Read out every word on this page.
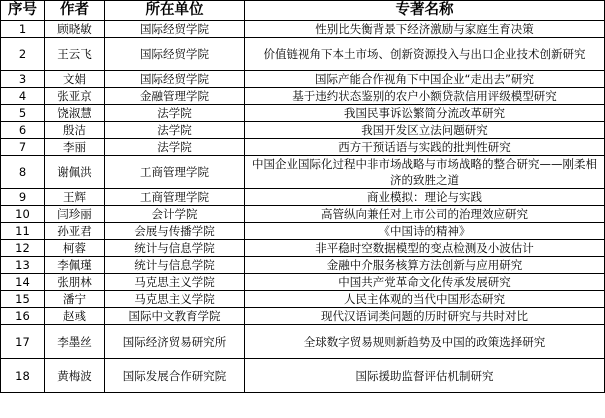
序号	作者	所在单位	专著名称
1	顾晓敏	国际经贸学院	性别比失衡背景下经济激励与家庭生育决策
2	王云飞	国际经贸学院	价值链视角下本土市场、创新资源投入与出口企业技术创新研究
3	文娟	国际经贸学院	国际产能合作视角下中国企业“走出去”研究
4	张亚京	金融管理学院	基于违约状态鉴别的农户小额贷款信用评级模型研究
5	饶淑慧	法学院	我国民事诉讼繁简分流改革研究
6	殷洁	法学院	我国开发区立法问题研究
7	李丽	法学院	西方干预话语与实践的批判性研究
8	谢佩洪	工商管理学院	中国企业国际化过程中非市场战略与市场战略的整合研究——刚柔相济的致胜之道
9	王辉	工商管理学院	商业模拟：理论与实践
10	闫珍丽	会计学院	高管纵向兼任对上市公司的治理效应研究
11	孙亚君	会展与传播学院	《中国诗的精神》
12	柯蓉	统计与信息学院	非平稳时空数据模型的变点检测及小波估计
13	李佩瑾	统计与信息学院	金融中介服务核算方法创新与应用研究
14	张朋林	马克思主义学院	中国共产党革命文化传承发展研究
15	潘宁	马克思主义学院	人民主体观的当代中国形态研究
16	赵彧	国际中文教育学院	现代汉语词类问题的历时研究与共时对比
17	李墨丝	国际经济贸易研究所	全球数字贸易规则新趋势及中国的政策选择研究
18	黄梅波	国际发展合作研究院	国际援助监督评估机制研究
